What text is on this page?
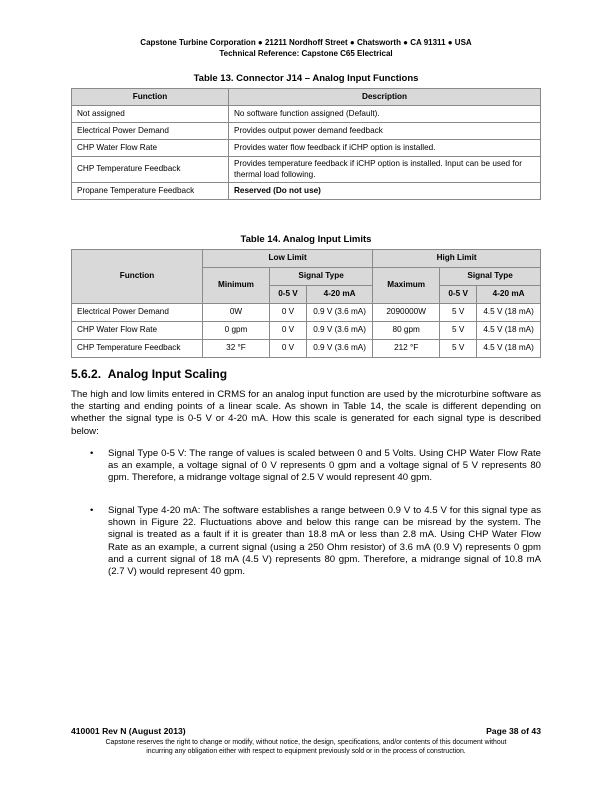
Capstone Turbine Corporation ● 21211 Nordhoff Street ● Chatsworth ● CA 91311 ● USA
Technical Reference: Capstone C65 Electrical
Table 13. Connector J14 – Analog Input Functions
Function	Description
Not assigned	No software function assigned (Default).
Electrical Power Demand	Provides output power demand feedback
CHP Water Flow Rate	Provides water flow feedback if iCHP option is installed.
CHP Temperature Feedback	Provides temperature feedback if iCHP option is installed. Input can be used for thermal load following.
Propane Temperature Feedback	Reserved (Do not use)
Table 14. Analog Input Limits
Function	Low Limit			High Limit		
	Minimum	Signal Type		Maximum	Signal Type	
		0-5 V	4-20 mA		0-5 V	4-20 mA
Electrical Power Demand	0W	0 V	0.9 V (3.6 mA)	2090000W	5 V	4.5 V (18 mA)
CHP Water Flow Rate	0 gpm	0 V	0.9 V (3.6 mA)	80 gpm	5 V	4.5 V (18 mA)
CHP Temperature Feedback	32 °F	0 V	0.9 V (3.6 mA)	212 °F	5 V	4.5 V (18 mA)
5.6.2. Analog Input Scaling
The high and low limits entered in CRMS for an analog input function are used by the microturbine software as the starting and ending points of a linear scale. As shown in Table 14, the scale is different depending on whether the signal type is 0-5 V or 4-20 mA. How this scale is generated for each signal type is described below:
• Signal Type 0-5 V: The range of values is scaled between 0 and 5 Volts. Using CHP Water Flow Rate as an example, a voltage signal of 0 V represents 0 gpm and a voltage signal of 5 V represents 80 gpm. Therefore, a midrange voltage signal of 2.5 V would represent 40 gpm.
• Signal Type 4-20 mA: The software establishes a range between 0.9 V to 4.5 V for this signal type as shown in Figure 22. Fluctuations above and below this range can be misread by the system. The signal is treated as a fault if it is greater than 18.8 mA or less than 2.8 mA. Using CHP Water Flow Rate as an example, a current signal (using a 250 Ohm resistor) of 3.6 mA (0.9 V) represents 0 gpm and a current signal of 18 mA (4.5 V) represents 80 gpm. Therefore, a midrange signal of 10.8 mA (2.7 V) would represent 40 gpm.
410001 Rev N (August 2013)	Page 38 of 43
Capstone reserves the right to change or modify, without notice, the design, specifications, and/or contents of this document without
incurring any obligation either with respect to equipment previously sold or in the process of construction.
